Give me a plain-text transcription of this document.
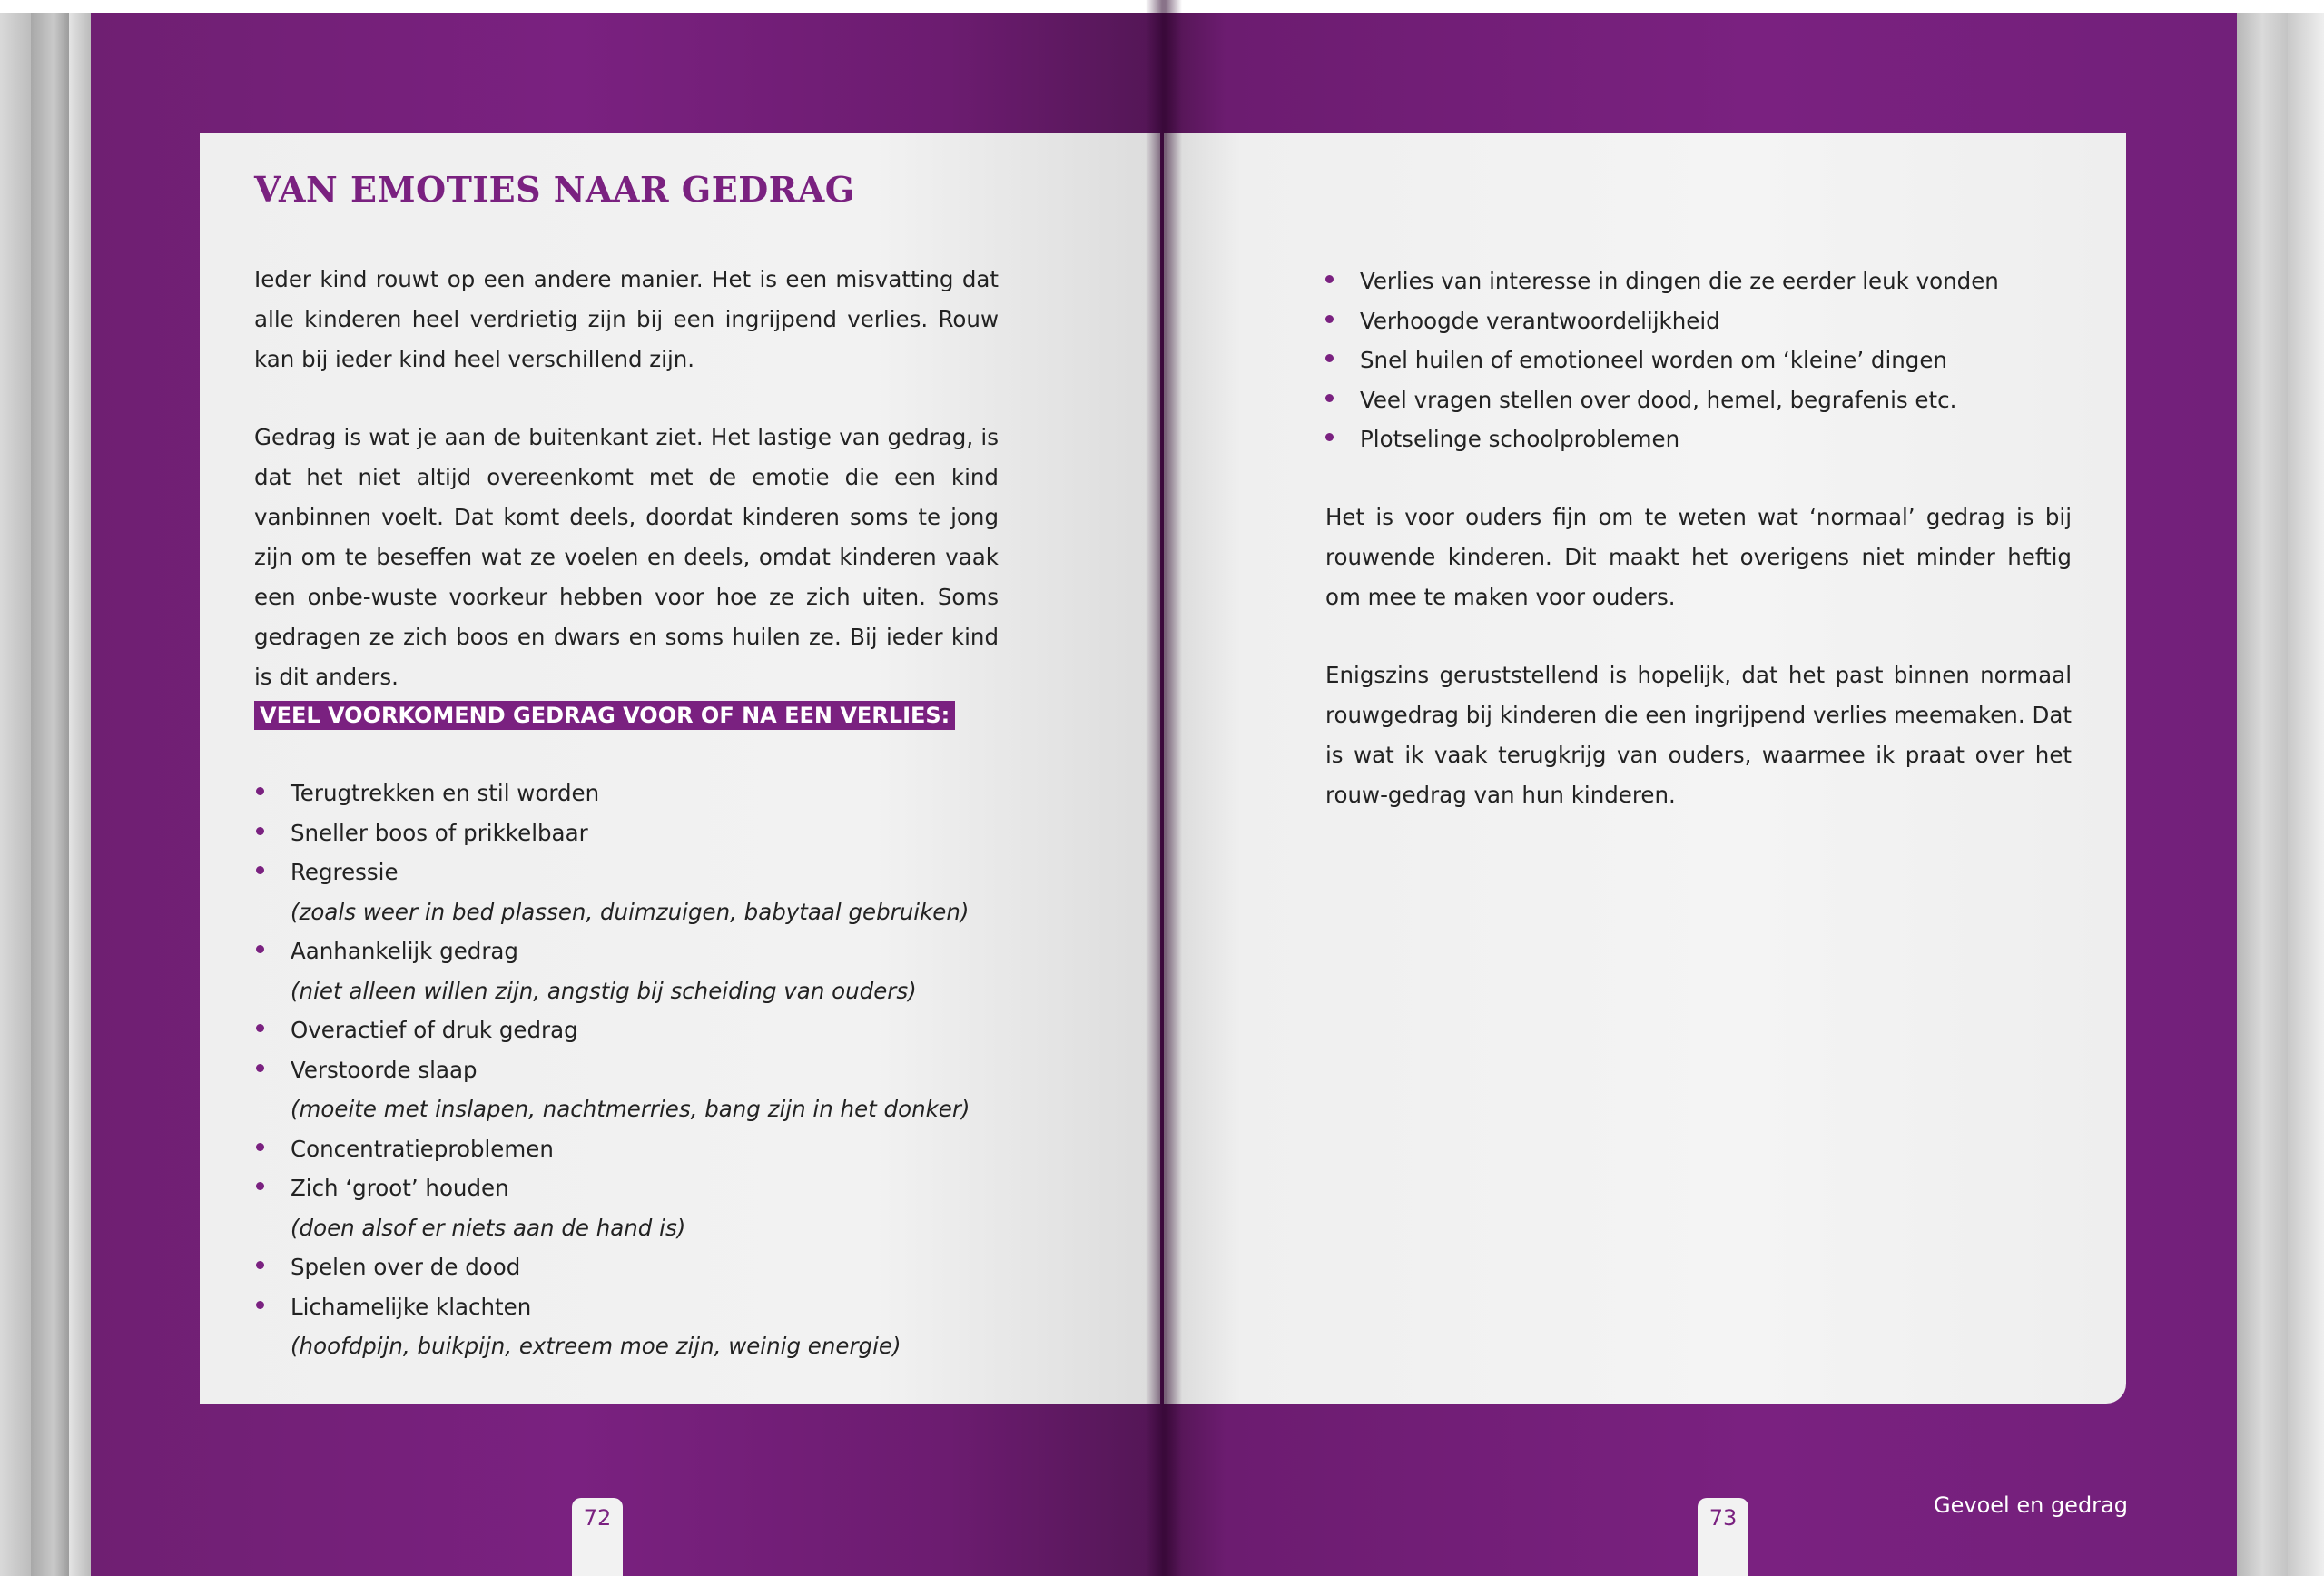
VAN EMOTIES NAAR GEDRAG

Ieder kind rouwt op een andere manier. Het is een misvatting dat alle kinderen heel verdrietig zijn bij een ingrijpend verlies. Rouw kan bij ieder kind heel verschillend zijn.

Gedrag is wat je aan de buitenkant ziet. Het lastige van gedrag, is dat het niet altijd overeenkomt met de emotie die een kind vanbinnen voelt. Dat komt deels, doordat kinderen soms te jong zijn om te beseffen wat ze voelen en deels, omdat kinderen vaak een onbe-wuste voorkeur hebben voor hoe ze zich uiten. Soms gedragen ze zich boos en dwars en soms huilen ze. Bij ieder kind is dit anders.

VEEL VOORKOMEND GEDRAG VOOR OF NA EEN VERLIES:
Terugtrekken en stil worden
Sneller boos of prikkelbaar
Regressie
(zoals weer in bed plassen, duimzuigen, babytaal gebruiken)
Aanhankelijk gedrag
(niet alleen willen zijn, angstig bij scheiding van ouders)
Overactief of druk gedrag
Verstoorde slaap
(moeite met inslapen, nachtmerries, bang zijn in het donker)
Concentratieproblemen
Zich ‘groot’ houden
(doen alsof er niets aan de hand is)
Spelen over de dood
Lichamelijke klachten
(hoofdpijn, buikpijn, extreem moe zijn, weinig energie)
72
Verlies van interesse in dingen die ze eerder leuk vonden
Verhoogde verantwoordelijkheid
Snel huilen of emotioneel worden om ‘kleine’ dingen
Veel vragen stellen over dood, hemel, begrafenis etc.
Plotselinge schoolproblemen

Het is voor ouders fijn om te weten wat ‘normaal’ gedrag is bij rouwende kinderen. Dit maakt het overigens niet minder heftig om mee te maken voor ouders.

Enigszins geruststellend is hopelijk, dat het past binnen normaal rouwgedrag bij kinderen die een ingrijpend verlies meemaken. Dat is wat ik vaak terugkrijg van ouders, waarmee ik praat over het rouw-gedrag van hun kinderen.

73	Gevoel en gedrag
